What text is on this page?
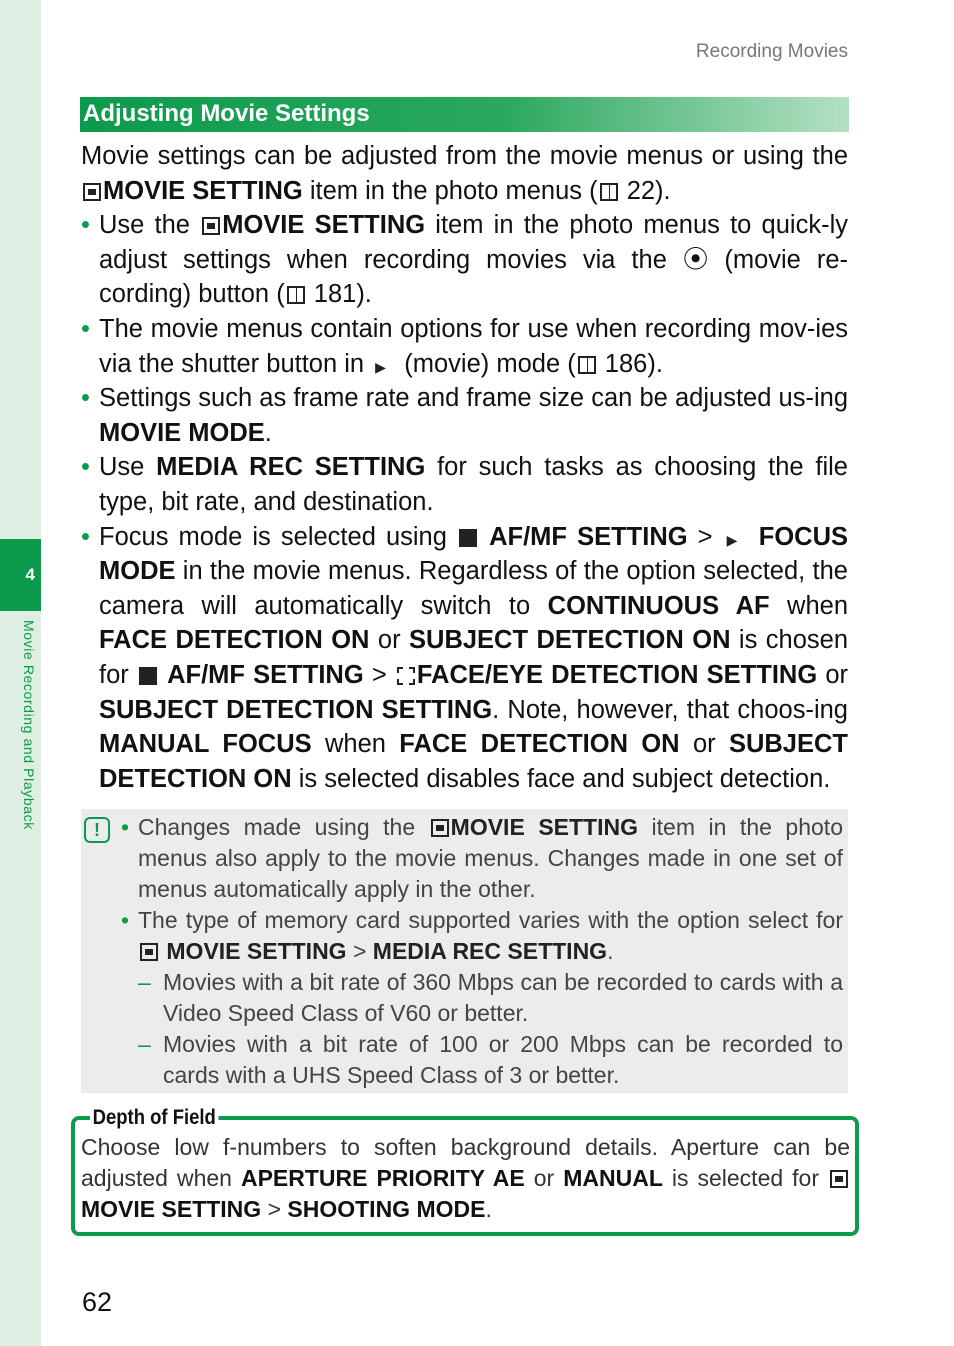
4
Movie Recording and Playback
Recording Movies
Adjusting Movie Settings

Movie settings can be adjusted from the movie menus or using the MOVIE SETTING item in the photo menus ( 22).

• Use the MOVIE SETTING item in the photo menus to quick-ly adjust settings when recording movies via the ⦿ (movie re-cording) button ( 181).
• The movie menus contain options for use when recording mov-ies via the shutter button in ▶ (movie) mode ( 186).
• Settings such as frame rate and frame size can be adjusted us-ing MOVIE MODE.
• Use MEDIA REC SETTING for such tasks as choosing the file type, bit rate, and destination.
• Focus mode is selected using  AF/MF SETTING > ▶ FOCUS MODE in the movie menus. Regardless of the option selected, the camera will automatically switch to CONTINUOUS AF when FACE DETECTION ON or SUBJECT DETECTION ON is chosen for  AF/MF SETTING > FACE/EYE DETECTION SETTING or SUBJECT DETECTION SETTING. Note, however, that choos-ing MANUAL FOCUS when FACE DETECTION ON or SUBJECT DETECTION ON is selected disables face and subject detection.
! • Changes made using the MOVIE SETTING item in the photo menus also apply to the movie menus. Changes made in one set of menus automatically apply in the other.
• The type of memory card supported varies with the option select for  MOVIE SETTING > MEDIA REC SETTING.
– Movies with a bit rate of 360 Mbps can be recorded to cards with a Video Speed Class of V60 or better.
– Movies with a bit rate of 100 or 200 Mbps can be recorded to cards with a UHS Speed Class of 3 or better.
Depth of Field
Choose low f-numbers to soften background details. Aperture can be adjusted when APERTURE PRIORITY AE or MANUAL is selected for MOVIE SETTING > SHOOTING MODE.
62
